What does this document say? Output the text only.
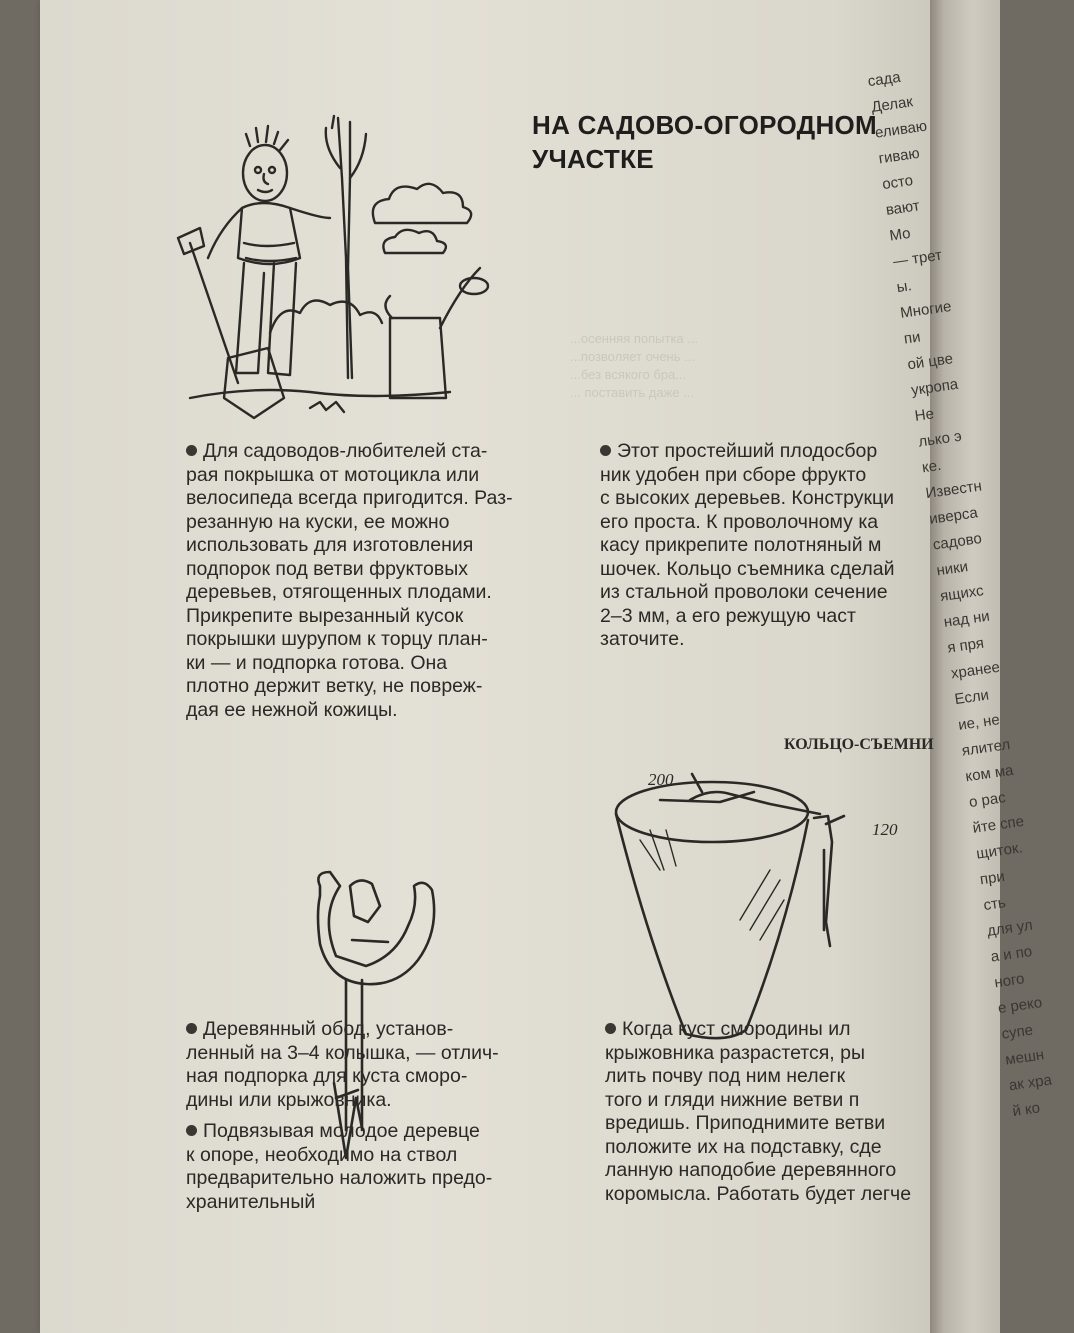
сада
Делак
еливаю
гиваю
осто
вают
Мо
— трет
ы.
Многие
пи
ой цве
укропа
Не
лько э
ке.
Известн
иверса
садово
ники
ящихс
над ни
я пря
хранее
Если
ие, не
ялител
ком ма
о рас
йте спе
щиток.
при
сть
для ул
а и по
ного
е реко
супе
мешн
ак хра
й ко
НА САДОВО-ОГОРОДНОМ
УЧАСТКЕ
...осенняя попытка ...
...позволяет очень ...
...без всякого бра...
... поставить даже ...

Для садоводов-любителей ста-
рая покрышка от мотоцикла или
велосипеда всегда пригодится. Раз-
резанную на куски, ее можно
использовать для изготовления
подпорок под ветви фруктовых
деревьев, отягощенных плодами.
Прикрепите вырезанный кусок
покрышки шурупом к торцу план-
ки — и подпорка готова. Она
плотно держит ветку, не повреж-
дая ее нежной кожицы.

Деревянный обод, установ-
ленный на 3–4 колышка, — отлич-
ная подпорка для куста сморо-
дины или крыжовника.

Подвязывая молодое деревце
к опоре, необходимо на ствол
предварительно наложить предо-
хранительный

Этот простейший плодосбор
ник удобен при сборе фрукто
с высоких деревьев. Конструкци
его проста. К проволочному ка
касу прикрепите полотняный м
шочек. Кольцо съемника сделай
из стальной проволоки сечение
2–3 мм, а его режущую част
заточите.

КОЛЬЦО-СЪЕМНИ
200
120

Когда куст смородины ил
крыжовника разрастется, ры
лить почву под ним нелегк
того и гляди нижние ветви п
вредишь. Приподнимите ветви
положите их на подставку, сде
ланную наподобие деревянного
коромысла. Работать будет легче
